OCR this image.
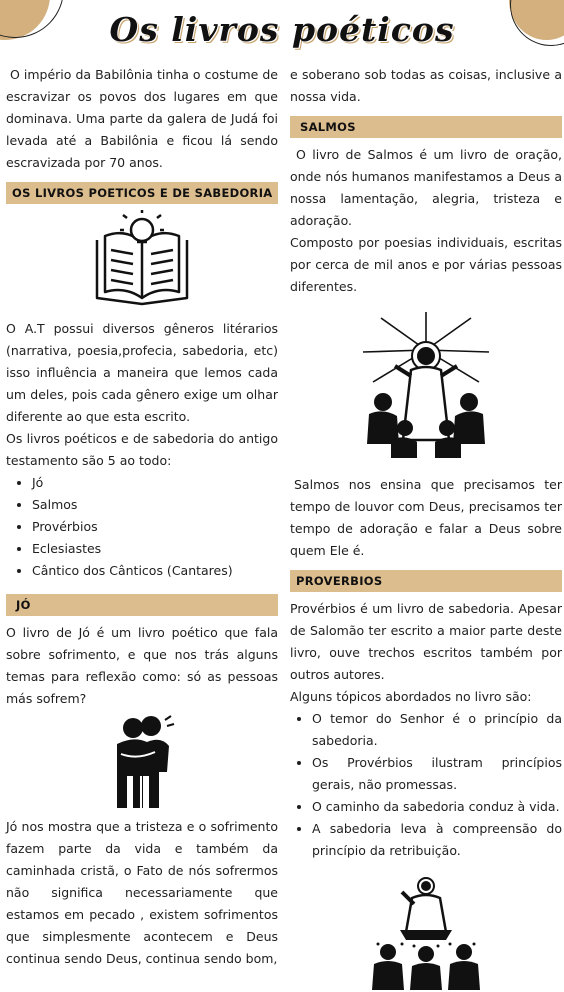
Os livros poéticos

O império da Babilônia tinha o costume de escravizar os povos dos lugares em que dominava. Uma parte da galera de Judá foi levada até a Babilônia e ficou lá sendo escravizada por 70 anos.

OS LIVROS POETICOS E DE SABEDORIA

O A.T possui diversos gêneros litérarios (narrativa, poesia,profecia, sabedoria, etc) isso influência a maneira que lemos cada um deles, pois cada gênero exige um olhar diferente ao que esta escrito.

Os livros poéticos e de sabedoria do antigo testamento são 5 ao todo:

• Jó
• Salmos
• Provérbios
• Eclesiastes
• Cântico dos Cânticos (Cantares)
JÓ

O livro de Jó é um livro poético que fala sobre sofrimento, e que nos trás alguns temas para reflexão como: só as pessoas más sofrem?

Jó nos mostra que a tristeza e o sofrimento fazem parte da vida e também da caminhada cristã, o Fato de nós sofrermos não significa necessariamente que estamos em pecado , existem sofrimentos que simplesmente acontecem e Deus continua sendo Deus, continua sendo bom,

e soberano sob todas as coisas, inclusive a nossa vida.

SALMOS

O livro de Salmos é um livro de oração, onde nós humanos manifestamos a Deus a nossa lamentação, alegria, tristeza e adoração.

Composto por poesias individuais, escritas por cerca de mil anos e por várias pessoas diferentes.

Salmos nos ensina que precisamos ter tempo de louvor com Deus, precisamos ter tempo de adoração e falar a Deus sobre quem Ele é.

PROVERBIOS

Provérbios é um livro de sabedoria. Apesar de Salomão ter escrito a maior parte deste livro, ouve trechos escritos também por outros autores.

Alguns tópicos abordados no livro são:

• O temor do Senhor é o princípio da sabedoria.
• Os Provérbios ilustram princípios gerais, não promessas.
• O caminho da sabedoria conduz à vida.
• A sabedoria leva à compreensão do princípio da retribuição.
